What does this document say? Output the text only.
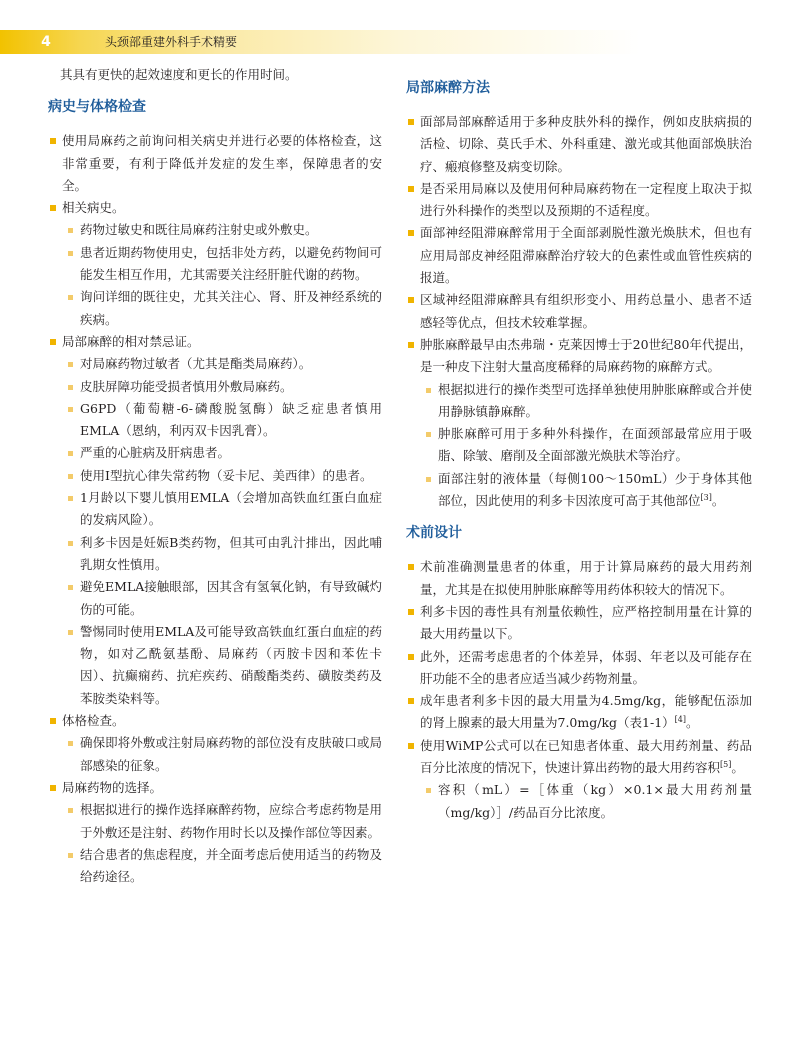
4	头颈部重建外科手术精要

其具有更快的起效速度和更长的作用时间。

病史与体格检查
使用局麻药之前询问相关病史并进行必要的体格检查，这非常重要，有利于降低并发症的发生率，保障患者的安全。
相关病史。
药物过敏史和既往局麻药注射史或外敷史。
患者近期药物使用史，包括非处方药，以避免药物间可能发生相互作用，尤其需要关注经肝脏代谢的药物。
询问详细的既往史，尤其关注心、肾、肝及神经系统的疾病。
局部麻醉的相对禁忌证。
对局麻药物过敏者（尤其是酯类局麻药）。
皮肤屏障功能受损者慎用外敷局麻药。
G6PD（葡萄糖-6-磷酸脱氢酶）缺乏症患者慎用EMLA（恩纳，利丙双卡因乳膏）。
严重的心脏病及肝病患者。
使用Ⅰ型抗心律失常药物（妥卡尼、美西律）的患者。
1月龄以下婴儿慎用EMLA（会增加高铁血红蛋白血症的发病风险）。
利多卡因是妊娠B类药物，但其可由乳汁排出，因此哺乳期女性慎用。
避免EMLA接触眼部，因其含有氢氧化钠，有导致碱灼伤的可能。
警惕同时使用EMLA及可能导致高铁血红蛋白血症的药物，如对乙酰氨基酚、局麻药（丙胺卡因和苯佐卡因）、抗癫痫药、抗疟疾药、硝酸酯类药、磺胺类药及苯胺类染料等。
体格检查。
确保即将外敷或注射局麻药物的部位没有皮肤破口或局部感染的征象。
局麻药物的选择。
根据拟进行的操作选择麻醉药物，应综合考虑药物是用于外敷还是注射、药物作用时长以及操作部位等因素。
结合患者的焦虑程度，并全面考虑后使用适当的药物及给药途径。
局部麻醉方法
面部局部麻醉适用于多种皮肤外科的操作，例如皮肤病损的活检、切除、莫氏手术、外科重建、激光或其他面部焕肤治疗、瘢痕修整及病变切除。
是否采用局麻以及使用何种局麻药物在一定程度上取决于拟进行外科操作的类型以及预期的不适程度。
面部神经阻滞麻醉常用于全面部剥脱性激光焕肤术，但也有应用局部皮神经阻滞麻醉治疗较大的色素性或血管性疾病的报道。
区域神经阻滞麻醉具有组织形变小、用药总量小、患者不适感轻等优点，但技术较难掌握。
肿胀麻醉最早由杰弗瑞・克莱因博士于20世纪80年代提出，是一种皮下注射大量高度稀释的局麻药物的麻醉方式。
根据拟进行的操作类型可选择单独使用肿胀麻醉或合并使用静脉镇静麻醉。
肿胀麻醉可用于多种外科操作，在面颈部最常应用于吸脂、除皱、磨削及全面部激光焕肤术等治疗。
面部注射的液体量（每侧100～150mL）少于身体其他部位，因此使用的利多卡因浓度可高于其他部位[3]。
术前设计
术前准确测量患者的体重，用于计算局麻药的最大用药剂量，尤其是在拟使用肿胀麻醉等用药体积较大的情况下。
利多卡因的毒性具有剂量依赖性，应严格控制用量在计算的最大用药量以下。
此外，还需考虑患者的个体差异，体弱、年老以及可能存在肝功能不全的患者应适当减少药物剂量。
成年患者利多卡因的最大用量为4.5mg/kg，能够配伍添加的肾上腺素的最大用量为7.0mg/kg（表1-1）[4]。
使用WiMP公式可以在已知患者体重、最大用药剂量、药品百分比浓度的情况下，快速计算出药物的最大用药容积[5]。
容积（mL）=［体重（kg）×0.1×最大用药剂量（mg/kg）］/药品百分比浓度。
